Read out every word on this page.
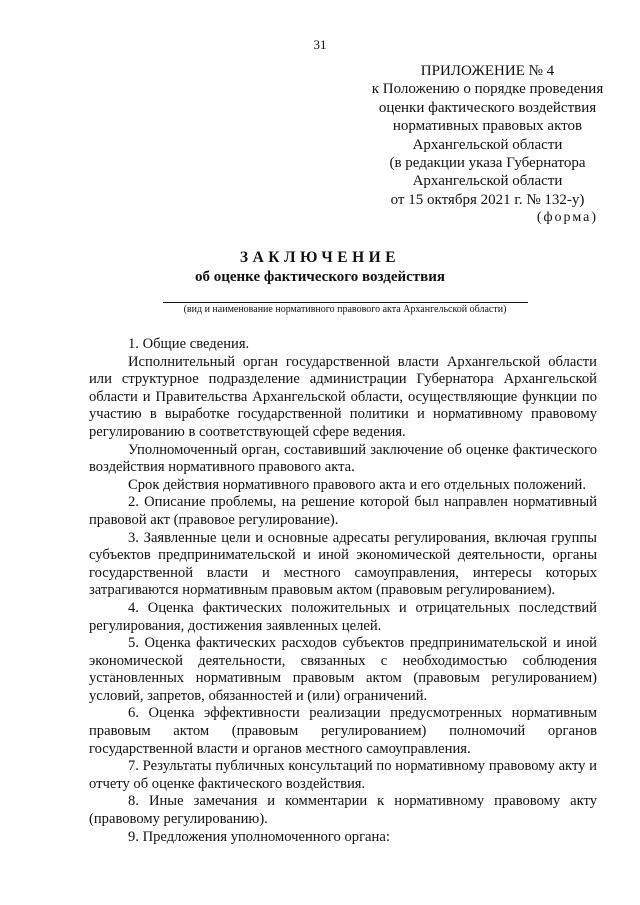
31
ПРИЛОЖЕНИЕ № 4
к Положению о порядке проведения
оценки фактического воздействия
нормативных правовых актов
Архангельской области
(в редакции указа Губернатора
Архангельской области
от 15 октября 2021 г. № 132-у)
(форма)
ЗАКЛЮЧЕНИЕ
об оценке фактического воздействия
(вид и наименование нормативного правового акта Архангельской области)

1. Общие сведения.

Исполнительный орган государственной власти Архангельской области или структурное подразделение администрации Губернатора Архангельской области и Правительства Архангельской области, осуществляющие функции по участию в выработке государственной политики и нормативному правовому регулированию в соответствующей сфере ведения.

Уполномоченный орган, составивший заключение об оценке фактического воздействия нормативного правового акта.

Срок действия нормативного правового акта и его отдельных положений.

2. Описание проблемы, на решение которой был направлен нормативный правовой акт (правовое регулирование).

3. Заявленные цели и основные адресаты регулирования, включая группы субъектов предпринимательской и иной экономической деятельности, органы государственной власти и местного самоуправления, интересы которых затрагиваются нормативным правовым актом (правовым регулированием).

4. Оценка фактических положительных и отрицательных последствий регулирования, достижения заявленных целей.

5. Оценка фактических расходов субъектов предпринимательской и иной экономической деятельности, связанных с необходимостью соблюдения установленных нормативным правовым актом (правовым регулированием) условий, запретов, обязанностей и (или) ограничений.

6. Оценка эффективности реализации предусмотренных нормативным правовым актом (правовым регулированием) полномочий органов государственной власти и органов местного самоуправления.

7. Результаты публичных консультаций по нормативному правовому акту и отчету об оценке фактического воздействия.

8. Иные замечания и комментарии к нормативному правовому акту (правовому регулированию).

9. Предложения уполномоченного органа:
